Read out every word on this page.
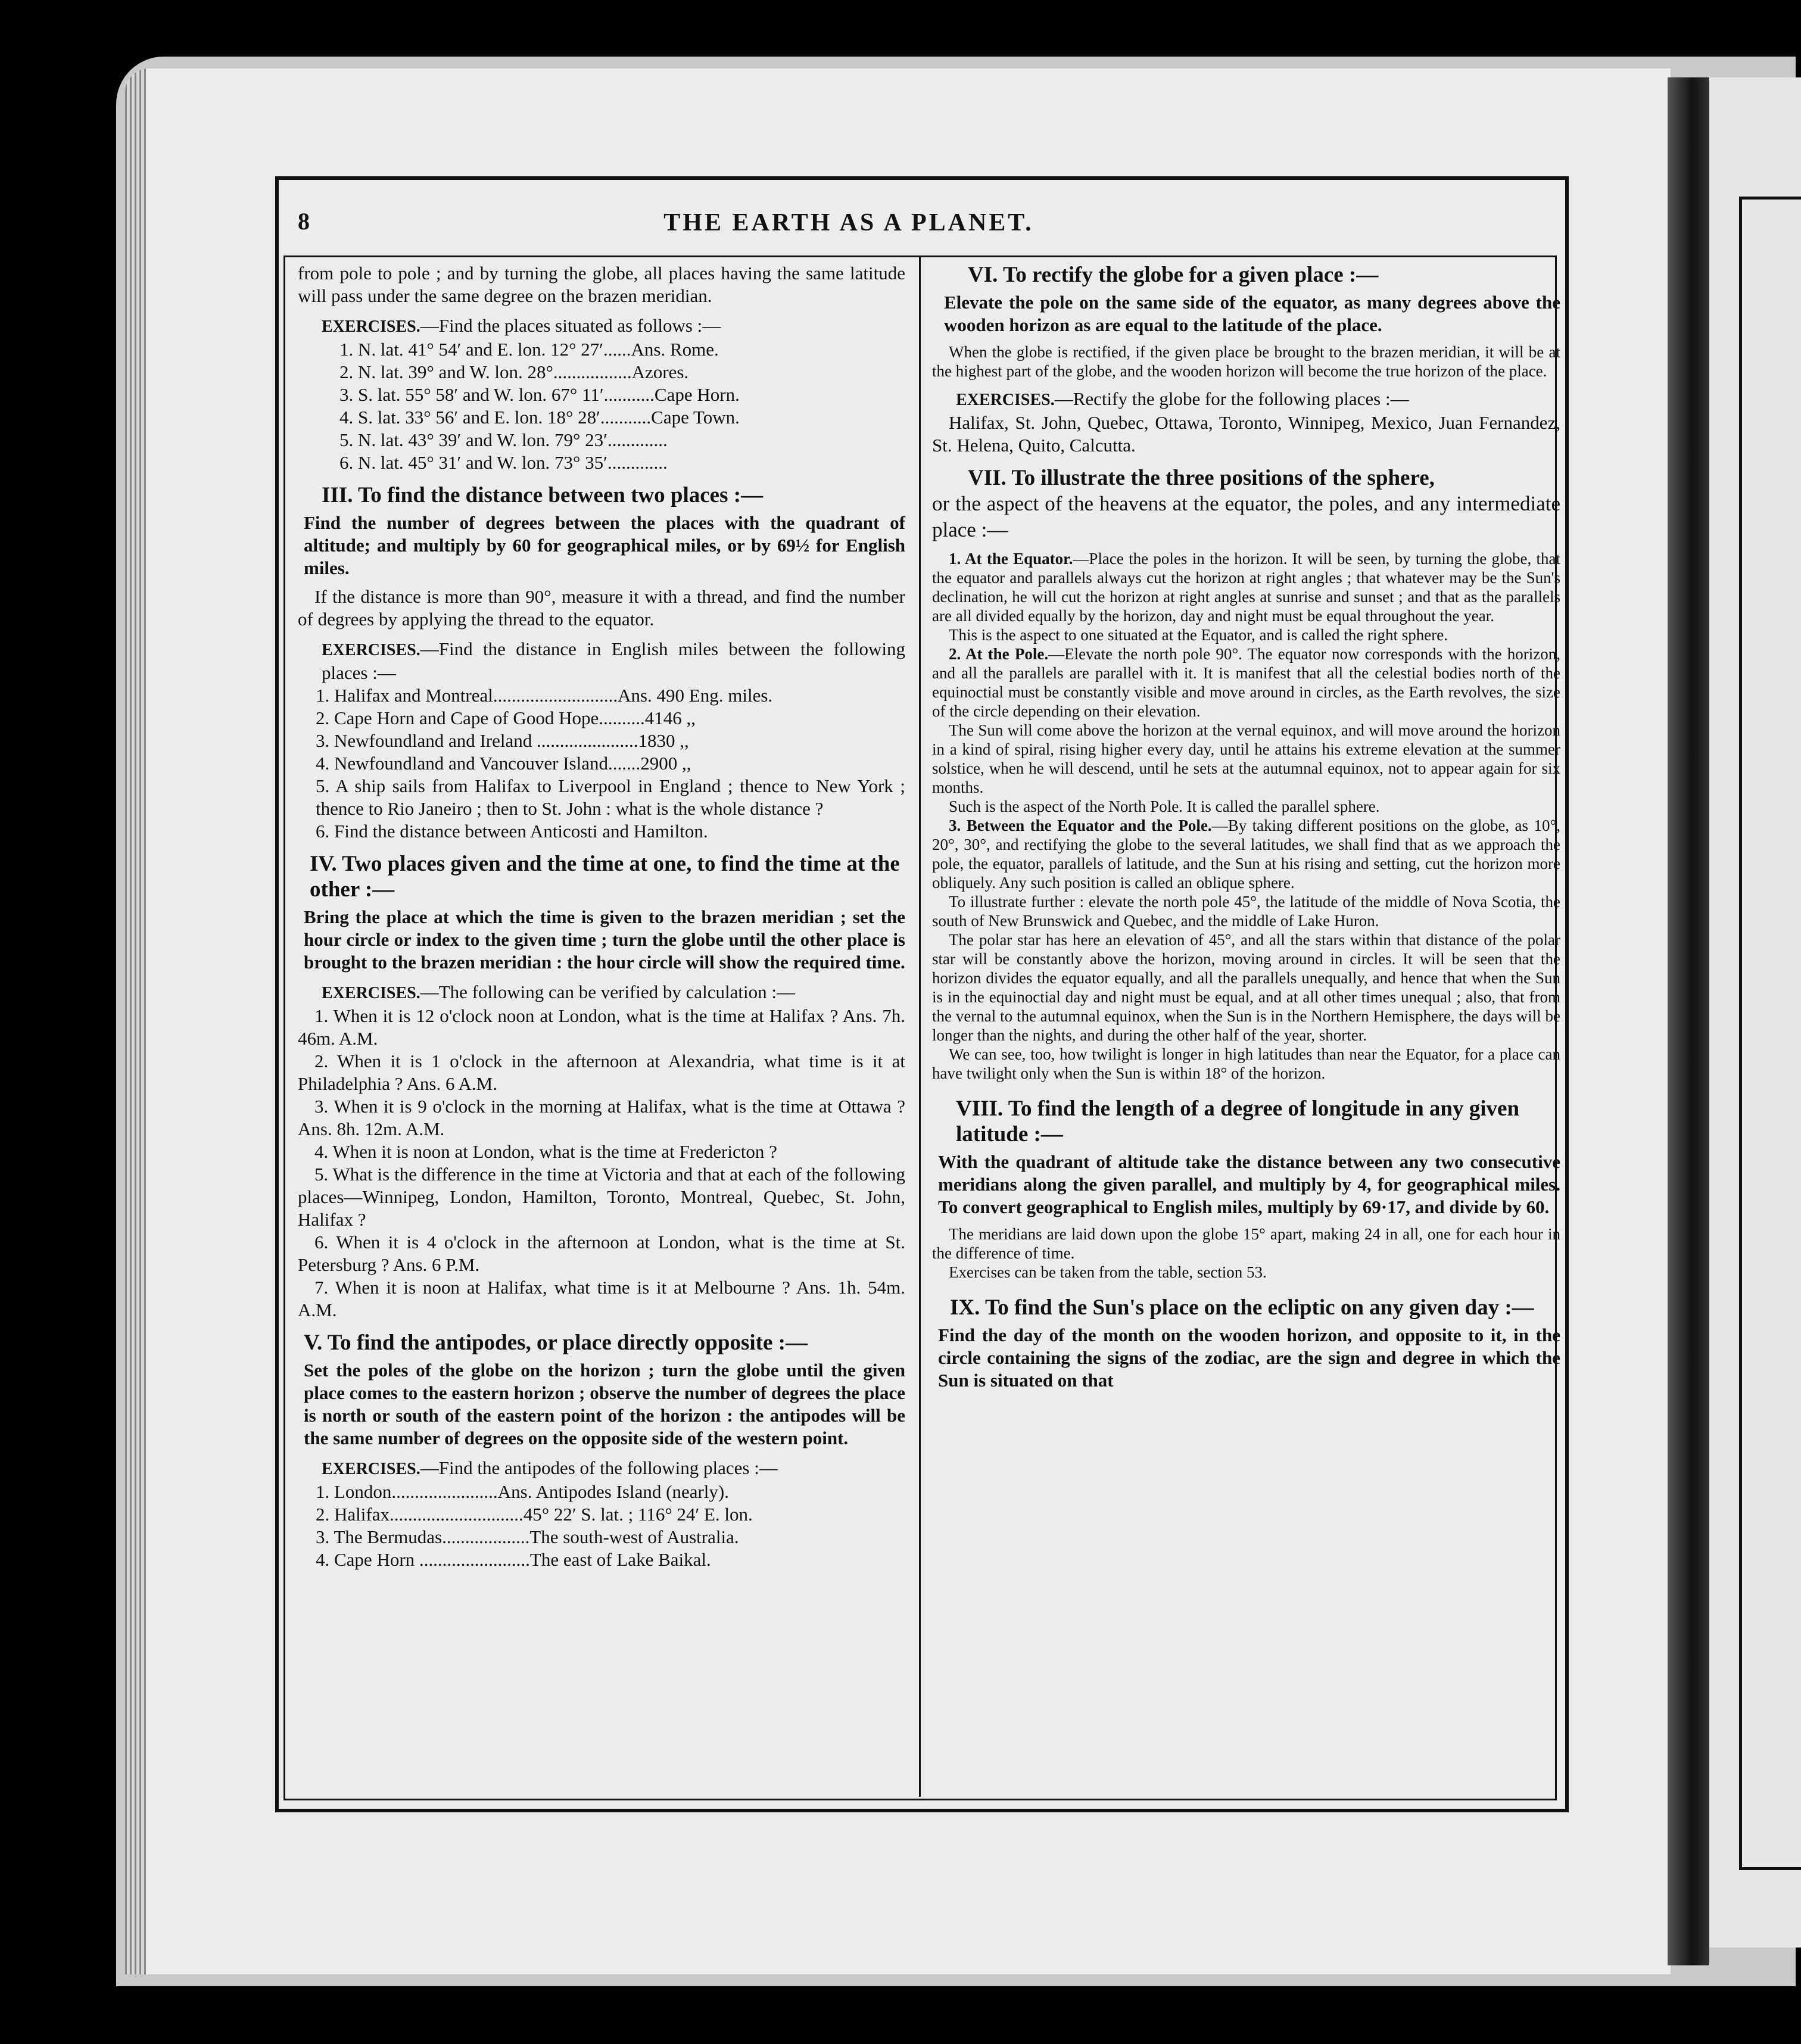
8	THE EARTH AS A PLANET.

from pole to pole ; and by turning the globe, all places having the same latitude will pass under the same degree on the brazen meridian.

EXERCISES.—Find the places situated as follows :—

1. N. lat. 41° 54′ and E. lon. 12° 27′......Ans. Rome.

2. N. lat. 39° and W. lon. 28°.................Azores.

3. S. lat. 55° 58′ and W. lon. 67° 11′...........Cape Horn.

4. S. lat. 33° 56′ and E. lon. 18° 28′...........Cape Town.

5. N. lat. 43° 39′ and W. lon. 79° 23′.............

6. N. lat. 45° 31′ and W. lon. 73° 35′.............

III. To find the distance between two places :—

Find the number of degrees between the places with the quadrant of altitude; and multiply by 60 for geographical miles, or by 69½ for English miles.

If the distance is more than 90°, measure it with a thread, and find the number of degrees by applying the thread to the equator.

EXERCISES.—Find the distance in English miles between the following places :—

1. Halifax and Montreal...........................Ans. 490 Eng. miles.

2. Cape Horn and Cape of Good Hope..........4146 ,,

3. Newfoundland and Ireland ......................1830 ,,

4. Newfoundland and Vancouver Island.......2900 ,,

5. A ship sails from Halifax to Liverpool in England ; thence to New York ; thence to Rio Janeiro ; then to St. John : what is the whole distance ?

6. Find the distance between Anticosti and Hamilton.

IV. Two places given and the time at one, to find the time at the other :—

Bring the place at which the time is given to the brazen meridian ; set the hour circle or index to the given time ; turn the globe until the other place is brought to the brazen meridian : the hour circle will show the required time.

EXERCISES.—The following can be verified by calculation :—

1. When it is 12 o'clock noon at London, what is the time at Halifax ? Ans. 7h. 46m. A.M.

2. When it is 1 o'clock in the afternoon at Alexandria, what time is it at Philadelphia ? Ans. 6 A.M.

3. When it is 9 o'clock in the morning at Halifax, what is the time at Ottawa ? Ans. 8h. 12m. A.M.

4. When it is noon at London, what is the time at Fredericton ?

5. What is the difference in the time at Victoria and that at each of the following places—Winnipeg, London, Hamilton, Toronto, Montreal, Quebec, St. John, Halifax ?

6. When it is 4 o'clock in the afternoon at London, what is the time at St. Petersburg ? Ans. 6 P.M.

7. When it is noon at Halifax, what time is it at Melbourne ? Ans. 1h. 54m. A.M.

V. To find the antipodes, or place directly opposite :—

Set the poles of the globe on the horizon ; turn the globe until the given place comes to the eastern horizon ; observe the number of degrees the place is north or south of the eastern point of the horizon : the antipodes will be the same number of degrees on the opposite side of the western point.

EXERCISES.—Find the antipodes of the following places :—

1. London.......................Ans. Antipodes Island (nearly).

2. Halifax.............................45° 22′ S. lat. ; 116° 24′ E. lon.

3. The Bermudas...................The south-west of Australia.

4. Cape Horn ........................The east of Lake Baikal.

VI. To rectify the globe for a given place :—

Elevate the pole on the same side of the equator, as many degrees above the wooden horizon as are equal to the latitude of the place.

When the globe is rectified, if the given place be brought to the brazen meridian, it will be at the highest part of the globe, and the wooden horizon will become the true horizon of the place.

EXERCISES.—Rectify the globe for the following places :—

Halifax, St. John, Quebec, Ottawa, Toronto, Winnipeg, Mexico, Juan Fernandez, St. Helena, Quito, Calcutta.

VII. To illustrate the three positions of the sphere,

or the aspect of the heavens at the equator, the poles, and any intermediate place :—

1. At the Equator.—Place the poles in the horizon. It will be seen, by turning the globe, that the equator and parallels always cut the horizon at right angles ; that whatever may be the Sun's declination, he will cut the horizon at right angles at sunrise and sunset ; and that as the parallels are all divided equally by the horizon, day and night must be equal throughout the year.

This is the aspect to one situated at the Equator, and is called the right sphere.

2. At the Pole.—Elevate the north pole 90°. The equator now corresponds with the horizon, and all the parallels are parallel with it. It is manifest that all the celestial bodies north of the equinoctial must be constantly visible and move around in circles, as the Earth revolves, the size of the circle depending on their elevation.

The Sun will come above the horizon at the vernal equinox, and will move around the horizon in a kind of spiral, rising higher every day, until he attains his extreme elevation at the summer solstice, when he will descend, until he sets at the autumnal equinox, not to appear again for six months.

Such is the aspect of the North Pole. It is called the parallel sphere.

3. Between the Equator and the Pole.—By taking different positions on the globe, as 10°, 20°, 30°, and rectifying the globe to the several latitudes, we shall find that as we approach the pole, the equator, parallels of latitude, and the Sun at his rising and setting, cut the horizon more obliquely. Any such position is called an oblique sphere.

To illustrate further : elevate the north pole 45°, the latitude of the middle of Nova Scotia, the south of New Brunswick and Quebec, and the middle of Lake Huron.

The polar star has here an elevation of 45°, and all the stars within that distance of the polar star will be constantly above the horizon, moving around in circles. It will be seen that the horizon divides the equator equally, and all the parallels unequally, and hence that when the Sun is in the equinoctial day and night must be equal, and at all other times unequal ; also, that from the vernal to the autumnal equinox, when the Sun is in the Northern Hemisphere, the days will be longer than the nights, and during the other half of the year, shorter.

We can see, too, how twilight is longer in high latitudes than near the Equator, for a place can have twilight only when the Sun is within 18° of the horizon.

VIII. To find the length of a degree of longitude in any given latitude :—

With the quadrant of altitude take the distance between any two consecutive meridians along the given parallel, and multiply by 4, for geographical miles. To convert geographical to English miles, multiply by 69·17, and divide by 60.

The meridians are laid down upon the globe 15° apart, making 24 in all, one for each hour in the difference of time.

Exercises can be taken from the table, section 53.

IX. To find the Sun's place on the ecliptic on any given day :—

Find the day of the month on the wooden horizon, and opposite to it, in the circle containing the signs of the zodiac, are the sign and degree in which the Sun is situated on that
